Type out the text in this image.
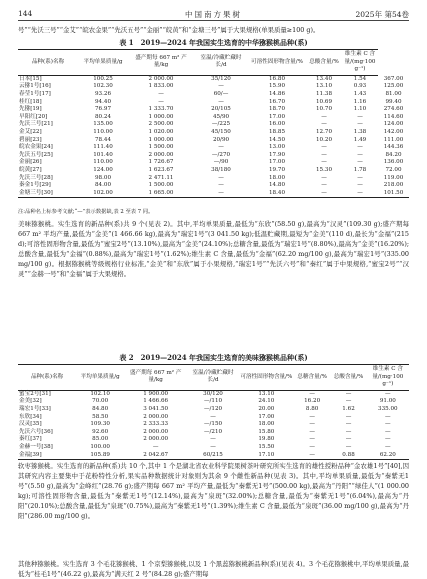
144	中国南方果树	2025年 第54卷

号”“先沃三号”“金艾”“皖农金果”“先沃五号”“金丽”“皖黄”和“金塘三号”属于大果规格(单果质量≥100 g)。

表 1　2019—2024 年我国实生选育的中华猕猴桃品种(系)

品种(系)名称	平均单果质量/g	盛产期每 667 m² 产量/kg	室温/冷藏贮藏时长/d	可溶性固形物含量/%	总酸含量/%	维生素 C 含量/(mg·100 g⁻¹)	
日本[15]	100.25	2 000.00	35/120	16.80	13.40	1.54	367.00
云猕1号[16]	102.30	1 833.00	—	15.90	13.10	0.93	125.00
春莹1号[17]	93.26	—	60/—	14.86	11.38	1.43	81.00
桂红[18]	94.40	—	—	16.70	10.69	1.16	99.40
先猕[19]	76.97	1 333.70	20/105	18.70	10.70	1.10	274.60
早阳红[20]	80.24	1 000.00	45/90	17.00	—	—	114.60
先沃三号[21]	135.00	2 500.00	—/225	16.00	—	—	124.00
金艾[22]	110.00	1 020.00	45/150	18.85	12.70	1.38	142.00
碧丽[23]	78.44	1 000.00	20/90	14.50	10.20	1.49	111.00
皖农金果[24]	111.40	1 500.00	—	13.00	—	—	144.36
先沃五号[25]	101.40	2 000.00	—/270	17.90	—	—	84.20
金丽[26]	110.00	1 726.67	—/90	17.00	—	—	136.00
皖黄[27]	124.00	1 623.67	38/180	19.70	15.30	1.78	72.00
先沃三号[28]	98.00	2 471.11	—	18.00	—	—	119.00
秦金1号[29]	84.00	1 500.00	—	14.80	—	—	218.00
金塘三号[30]	102.00	1 665.00	—	18.40	—	—	101.50

注:品种名上标参考文献;“—”表示数据缺,表 2 至表 7 同。

美味猕猴桃。实生选育的新品种(系)共 9 个(见表 2)。其中,平均单果质量,最低为“东欣”(58.50 g),最高为“汉灵”(109.30 g);盛产期每 667 m² 平均产量,最低为“金美”(1 466.66 kg),最高为“瑞宏1号”(3 041.50 kg);低温贮藏期,最短为“金美”(110 d),最长为“金福”(215 d);可溶性固形物含量,最低为“蜜宝2号”(13.10%),最高为“金美”(24.10%);总糖含量,最低为“瑞宏1号”(8.80%),最高为“金美”(16.20%);总酸含量,最低为“金福”(0.88%),最高为“瑞宏1号”(1.62%);维生素 C 含量,最低为“金福”(62.20 mg/100 g),最高为“瑞宏1号”(335.00 mg/100 g)。根据猕猴桃等级规格行业标准,“金美”和“东欣”属于小果规格,“瑞宏1号”“先沃六号”和“秦红”属于中果规格,“蜜宝2号”“汉灵”“金赫一号”和“金福”属于大果规格。

表 2　2019—2024 年我国实生选育的美味猕猴桃品种(系)

品种(系)名称	平均单果质量/g	盛产期每 667 m² 产量/kg	室温/冷藏贮藏时长/d	可溶性固形物含量/%	总糖含量/%	总酸含量/%	维生素 C 含量/(mg·100 g⁻¹)
蜜宝2号[31]	102.10	1 900.00	30/120	13.10	—	—	—
金美[32]	70.00	1 466.66	—/110	24.10	16.20	—	91.00
瑞宏1号[33]	84.80	3 041.50	—/120	20.00	8.80	1.62	335.00
东欣[34]	58.50	2 000.00	—	17.00	—	—	—
汉灵[35]	109.30	2 333.33	—/150	18.00	—	—	—
先沃六号[36]	92.60	2 000.00	—/210	15.80	—	—	—
秦红[37]	85.00	2 000.00	—	19.80	—	—	—
金赫一号[38]	100.00	—	—	15.50	—	—	—
金福[39]	105.89	2 042.67	60/215	17.10	—	0.88	62.20

软枣猕猴桃。实生选育的新品种(系)共 10 个,其中 1 个是湖北省农业科学院果树茶叶研究所实生选育的雄性授粉品种“金农雄1号”[40],因其研究内容主要集中于花粉特性分析,果实品种数据统计对象则为其余 9 个雌性新品种(见表 3)。其中,平均单果质量,最低为“秦紫无1号”(5.50 g),最高为“金峰红”(28.76 g);盛产期每 667 m² 平均产量,最低为“秦紫无1号”(500.00 kg),最高为“丹阳”“绿佳人”(1 000.00 kg);可溶性固形物含量,最低为“秦紫无1号”(12.14%),最高为“泉斑”(32.00%);总糖含量,最低为“秦紫无1号”(6.04%),最高为“丹阳”(20.10%);总酸含量,最低为“泉斑”(0.75%),最高为“秦紫无1号”(1.39%);维生素 C 含量,最低为“泉斑”(36.00 mg/100 g),最高为“丹阳”(286.00 mg/100 g)。

其他种猕猴桃。实生选育 3 个毛花猕猴桃、1 个京梨猕猴桃,以及 1 个黑蕊猕猴桃新品种(系)(见表 4)。3 个毛花猕猴桃中,平均单果质量,最低为“桂毛1号”(46.22 g),最高为“满天红 2 号”(84.28 g);盛产期每
